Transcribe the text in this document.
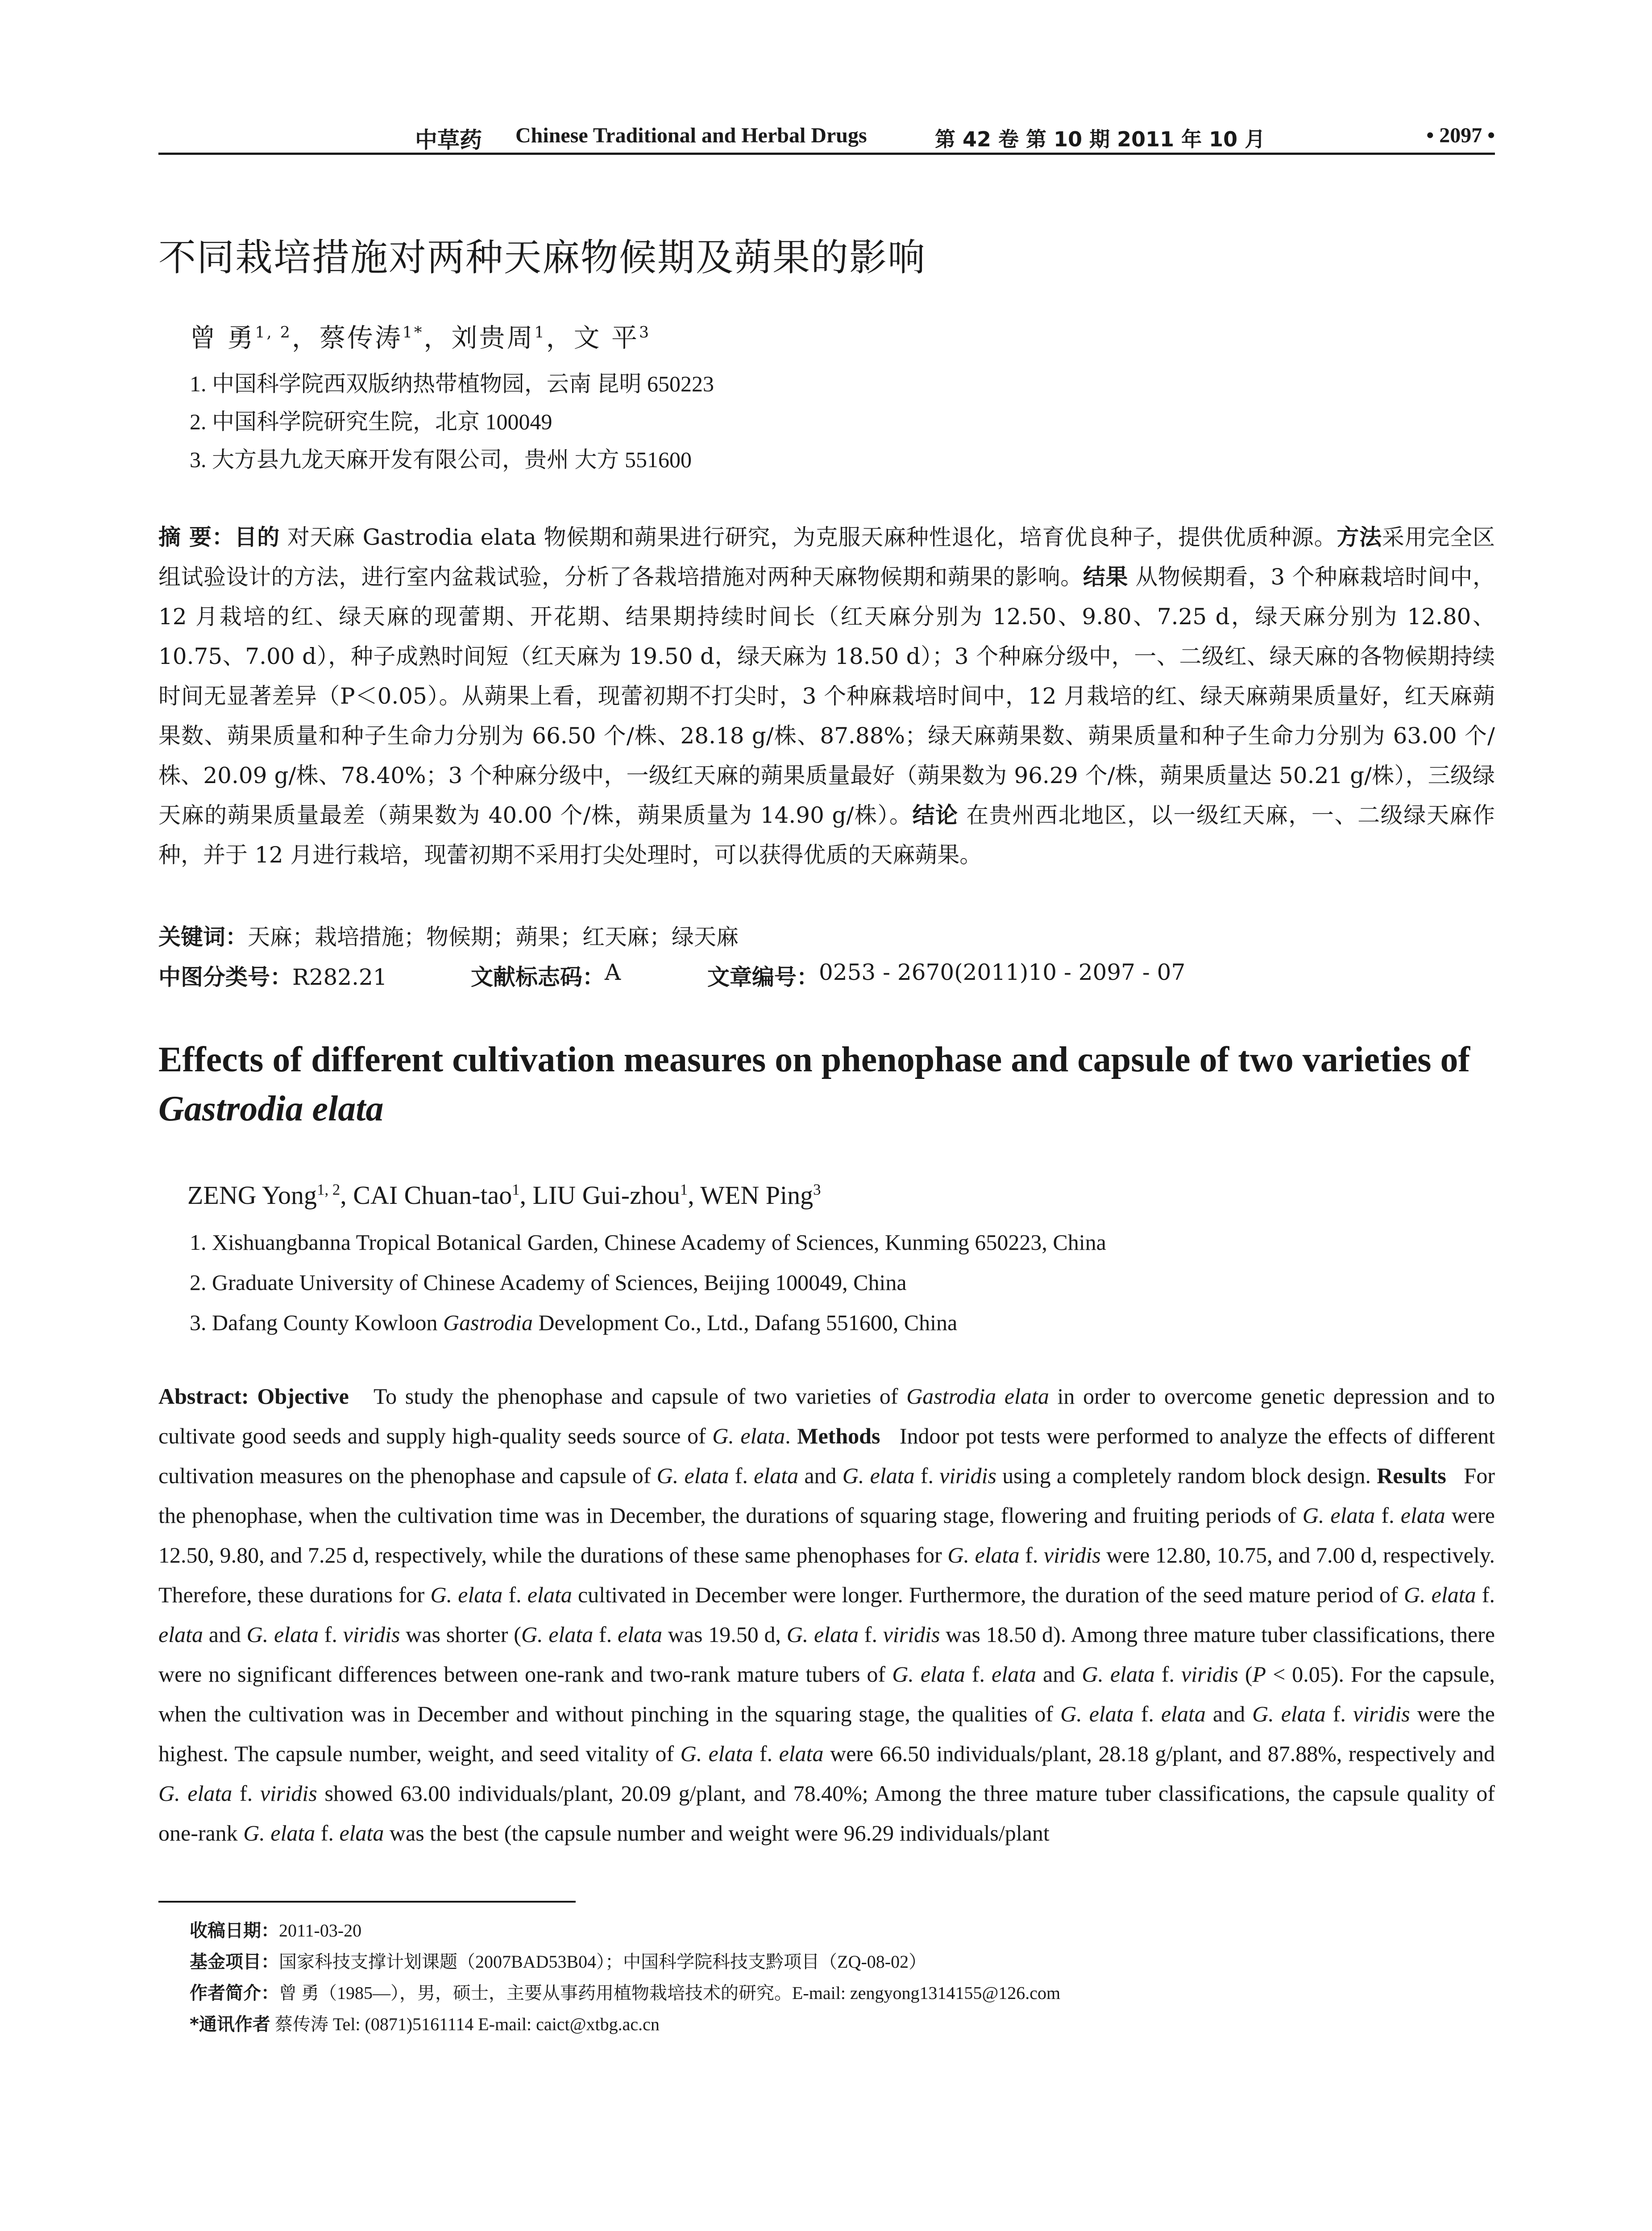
中草药 Chinese Traditional and Herbal Drugs	第 42 卷 第 10 期 2011 年 10 月	• 2097 •
不同栽培措施对两种天麻物候期及蒴果的影响
曾 勇$^{1, 2}$，蔡传涛$^{1*}$，刘贵周$^1$，文 平$^3$
1. 中国科学院西双版纳热带植物园，云南 昆明 650223
2. 中国科学院研究生院，北京 100049
3. 大方县九龙天麻开发有限公司，贵州 大方 551600
摘 要：目的 对天麻 Gastrodia elata 物候期和蒴果进行研究，为克服天麻种性退化，培育优良种子，提供优质种源。方法采用完全区组试验设计的方法，进行室内盆栽试验，分析了各栽培措施对两种天麻物候期和蒴果的影响。结果 从物候期看，3 个种麻栽培时间中，12 月栽培的红、绿天麻的现蕾期、开花期、结果期持续时间长（红天麻分别为 12.50、9.80、7.25 d，绿天麻分别为 12.80、10.75、7.00 d），种子成熟时间短（红天麻为 19.50 d，绿天麻为 18.50 d）；3 个种麻分级中，一、二级红、绿天麻的各物候期持续时间无显著差异（P＜0.05）。从蒴果上看，现蕾初期不打尖时，3 个种麻栽培时间中，12 月栽培的红、绿天麻蒴果质量好，红天麻蒴果数、蒴果质量和种子生命力分别为 66.50 个/株、28.18 g/株、87.88%；绿天麻蒴果数、蒴果质量和种子生命力分别为 63.00 个/株、20.09 g/株、78.40%；3 个种麻分级中，一级红天麻的蒴果质量最好（蒴果数为 96.29 个/株，蒴果质量达 50.21 g/株），三级绿天麻的蒴果质量最差（蒴果数为 40.00 个/株，蒴果质量为 14.90 g/株）。结论 在贵州西北地区，以一级红天麻，一、二级绿天麻作种，并于 12 月进行栽培，现蕾初期不采用打尖处理时，可以获得优质的天麻蒴果。
关键词：天麻；栽培措施；物候期；蒴果；红天麻；绿天麻
中图分类号：R282.21	文献标志码： A	文章编号： 0253 - 2670(2011)10 - 2097 - 07
Effects of different cultivation measures on phenophase and capsule of two varieties of Gastrodia elata
ZENG Yong$^{1, 2}$, CAI Chuan-tao$^1$, LIU Gui-zhou$^1$, WEN Ping$^3$
1. Xishuangbanna Tropical Botanical Garden, Chinese Academy of Sciences, Kunming 650223, China
2. Graduate University of Chinese Academy of Sciences, Beijing 100049, China
3. Dafang County Kowloon Gastrodia Development Co., Ltd., Dafang 551600, China
Abstract: Objective   To study the phenophase and capsule of two varieties of Gastrodia elata in order to overcome genetic depression and to cultivate good seeds and supply high-quality seeds source of G. elata. Methods   Indoor pot tests were performed to analyze the effects of different cultivation measures on the phenophase and capsule of G. elata f. elata and G. elata f. viridis using a completely random block design. Results   For the phenophase, when the cultivation time was in December, the durations of squaring stage, flowering and fruiting periods of G. elata f. elata were 12.50, 9.80, and 7.25 d, respectively, while the durations of these same phenophases for G. elata f. viridis were 12.80, 10.75, and 7.00 d, respectively. Therefore, these durations for G. elata f. elata cultivated in December were longer. Furthermore, the duration of the seed mature period of G. elata f. elata and G. elata f. viridis was shorter (G. elata f. elata was 19.50 d, G. elata f. viridis was 18.50 d). Among three mature tuber classifications, there were no significant differences between one-rank and two-rank mature tubers of G. elata f. elata and G. elata f. viridis (P < 0.05). For the capsule, when the cultivation was in December and without pinching in the squaring stage, the qualities of G. elata f. elata and G. elata f. viridis were the highest. The capsule number, weight, and seed vitality of G. elata f. elata were 66.50 individuals/plant, 28.18 g/plant, and 87.88%, respectively and G. elata f. viridis showed 63.00 individuals/plant, 20.09 g/plant, and 78.40%; Among the three mature tuber classifications, the capsule quality of one-rank G. elata f. elata was the best (the capsule number and weight were 96.29 individuals/plant
收稿日期：2011-03-20
基金项目：国家科技支撑计划课题（2007BAD53B04）；中国科学院科技支黔项目（ZQ-08-02）
作者简介：曾 勇（1985—），男，硕士，主要从事药用植物栽培技术的研究。E-mail: zengyong1314155@126.com
*通讯作者 蔡传涛 Tel: (0871)5161114 E-mail: caict@xtbg.ac.cn
